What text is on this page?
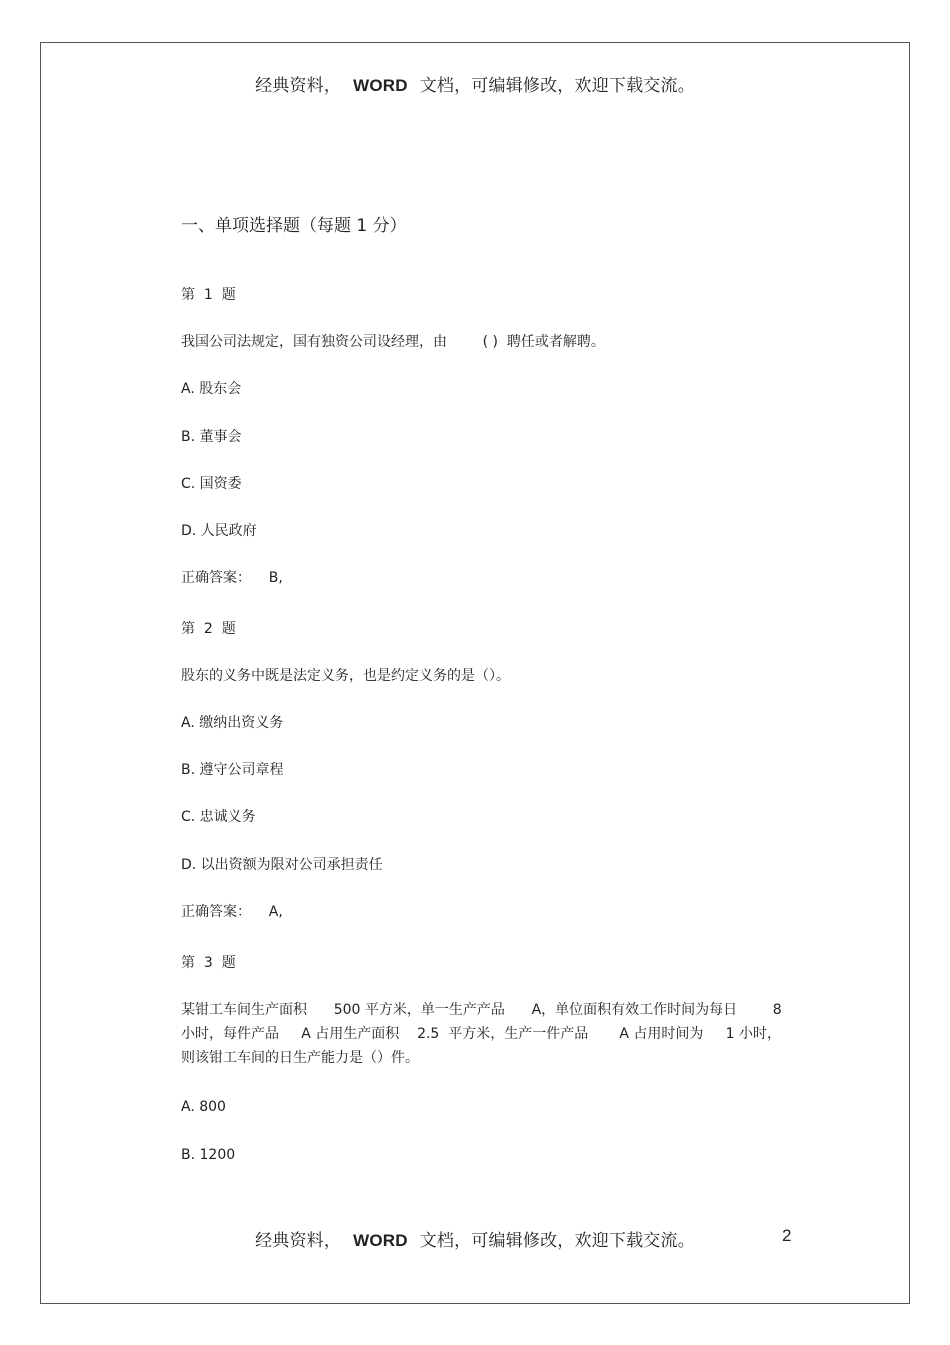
经典资料， WORD 文档，可编辑修改，欢迎下载交流。
一、单项选择题（每题 1 分）
第  1  题
我国公司法规定，国有独资公司设经理，由        ( )  聘任或者解聘。
A. 股东会
B. 董事会
C. 国资委
D. 人民政府
正确答案：    B,
第  2  题
股东的义务中既是法定义务，也是约定义务的是（）。
A. 缴纳出资义务
B. 遵守公司章程
C. 忠诚义务
D. 以出资额为限对公司承担责任
正确答案：    A,
第  3  题
某钳工车间生产面积      500 平方米，单一生产产品      A，单位面积有效工作时间为每日        8
小时，每件产品     A 占用生产面积    2.5  平方米，生产一件产品       A 占用时间为     1 小时，
则该钳工车间的日生产能力是（）件。
A. 800
B. 1200
经典资料， WORD 文档，可编辑修改，欢迎下载交流。	2
